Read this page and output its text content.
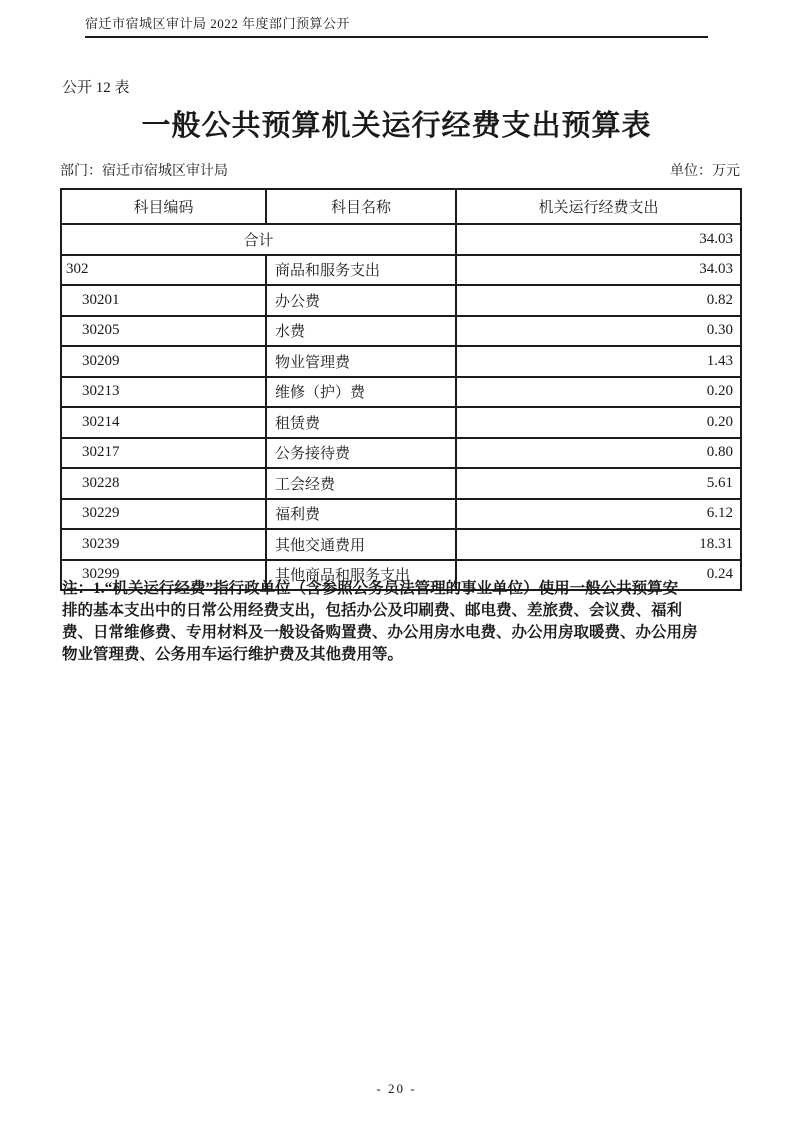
宿迁市宿城区审计局 2022 年度部门预算公开
公开 12 表
一般公共预算机关运行经费支出预算表
部门：宿迁市宿城区审计局	单位：万元
科目编码	科目名称	机关运行经费支出
合计		34.03
302	商品和服务支出	34.03
30201	办公费	0.82
30205	水费	0.30
30209	物业管理费	1.43
30213	维修（护）费	0.20
30214	租赁费	0.20
30217	公务接待费	0.80
30228	工会经费	5.61
30229	福利费	6.12
30239	其他交通费用	18.31
30299	其他商品和服务支出	0.24
注：1.“机关运行经费”指行政单位（含参照公务员法管理的事业单位）使用一般公共预算安
排的基本支出中的日常公用经费支出，包括办公及印刷费、邮电费、差旅费、会议费、福利
费、日常维修费、专用材料及一般设备购置费、办公用房水电费、办公用房取暖费、办公用房
物业管理费、公务用车运行维护费及其他费用等。
- 20 -
